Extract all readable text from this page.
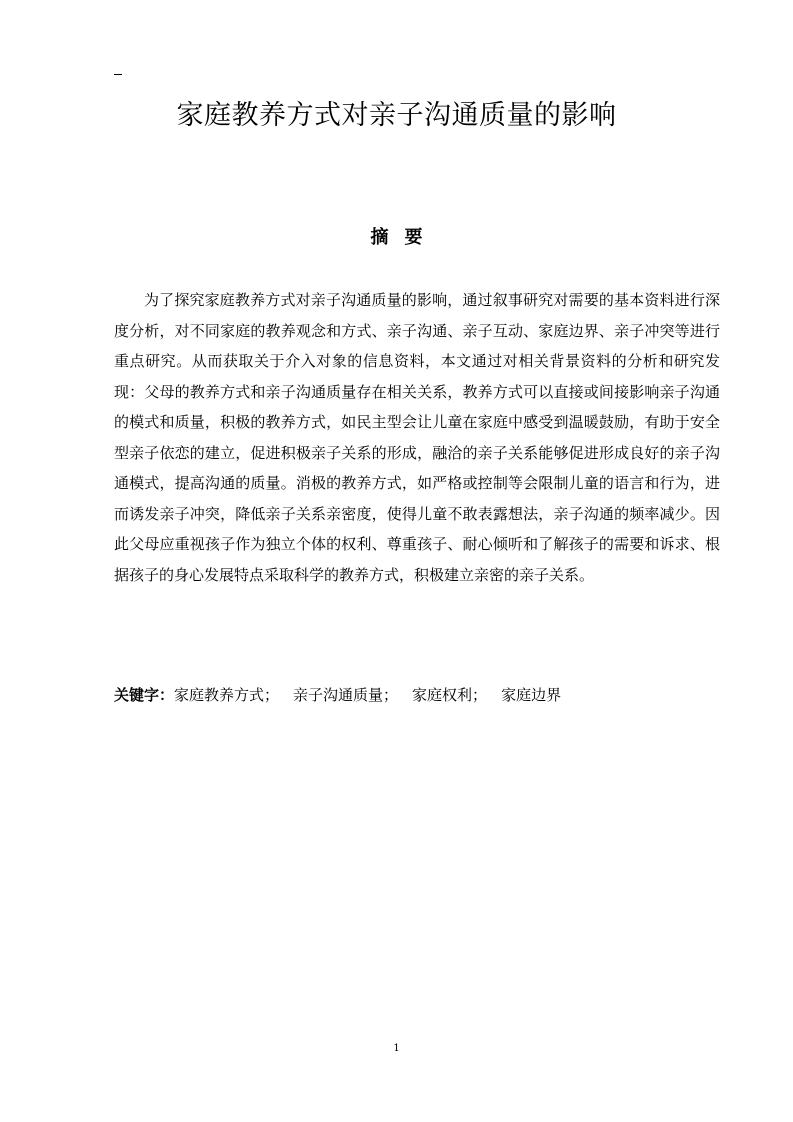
家庭教养方式对亲子沟通质量的影响
摘要

为了探究家庭教养方式对亲子沟通质量的影响，通过叙事研究对需要的基本资料进行深度分析，对不同家庭的教养观念和方式、亲子沟通、亲子互动、家庭边界、亲子冲突等进行重点研究。从而获取关于介入对象的信息资料，本文通过对相关背景资料的分析和研究发现：父母的教养方式和亲子沟通质量存在相关关系，教养方式可以直接或间接影响亲子沟通的模式和质量，积极的教养方式，如民主型会让儿童在家庭中感受到温暖鼓励，有助于安全型亲子依恋的建立，促进积极亲子关系的形成，融洽的亲子关系能够促进形成良好的亲子沟通模式，提高沟通的质量。消极的教养方式，如严格或控制等会限制儿童的语言和行为，进而诱发亲子冲突，降低亲子关系亲密度，使得儿童不敢表露想法，亲子沟通的频率减少。因此父母应重视孩子作为独立个体的权利、尊重孩子、耐心倾听和了解孩子的需要和诉求、根据孩子的身心发展特点采取科学的教养方式，积极建立亲密的亲子关系。

关键字：家庭教养方式； 亲子沟通质量； 家庭权利； 家庭边界
1
